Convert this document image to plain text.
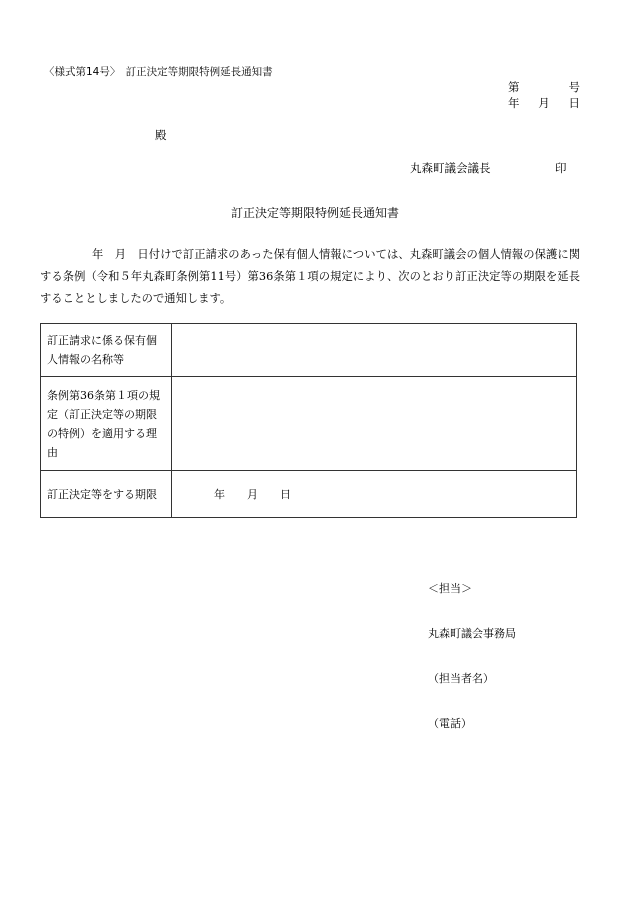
〈様式第14号〉　訂正決定等期限特例延長通知書
第	号
年 月 日
殿
丸森町議会議長	印
訂正決定等期限特例延長通知書
年　月　日付けで訂正請求のあった保有個人情報については、丸森町議会の個人情報の保護に関する条例（令和５年丸森町条例第11号）第36条第１項の規定により、次のとおり訂正決定等の期限を延長することとしましたので通知します。
訂正請求に係る保有個人情報の名称等	
条例第36条第１項の規定（訂正決定等の期限の特例）を適用する理由	
訂正決定等をする期限	年　　月　　日

＜担当＞

丸森町議会事務局

（担当者名）

（電話）
